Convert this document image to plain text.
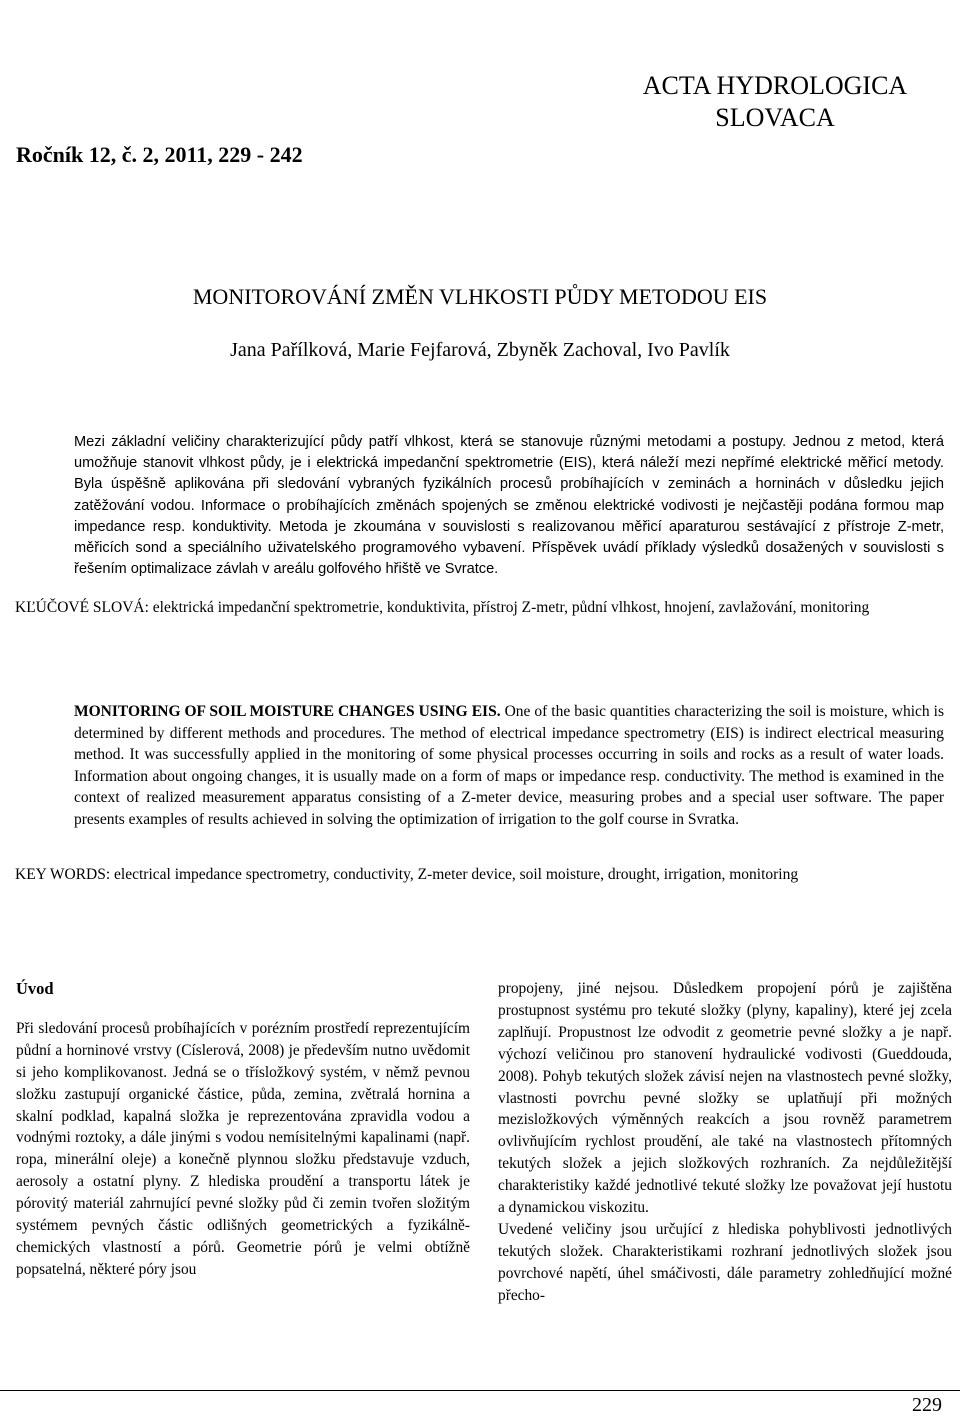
Ročník 12, č. 2, 2011, 229 - 242
ACTA HYDROLOGICA
SLOVACA
MONITOROVÁNÍ ZMĚN VLHKOSTI PŮDY METODOU EIS
Jana Pařílková, Marie Fejfarová, Zbyněk Zachoval, Ivo Pavlík
Mezi základní veličiny charakterizující půdy patří vlhkost, která se stanovuje různými metodami a postupy. Jednou z metod, která umožňuje stanovit vlhkost půdy, je i elektrická impedanční spektrometrie (EIS), která náleží mezi nepřímé elektrické měřicí metody. Byla úspěšně aplikována při sledování vybraných fyzikálních procesů probíhajících v zeminách a horninách v důsledku jejich zatěžování vodou. Informace o probíhajících změnách spojených se změnou elektrické vodivosti je nejčastěji podána formou map impedance resp. konduktivity. Metoda je zkoumána v souvislosti s realizovanou měřicí aparaturou sestávající z přístroje Z-metr, měřicích sond a speciálního uživatelského programového vybavení. Příspěvek uvádí příklady výsledků dosažených v souvislosti s řešením optimalizace závlah v areálu golfového hřiště ve Svratce.
KĽÚČOVÉ SLOVÁ: elektrická impedanční spektrometrie, konduktivita, přístroj Z-metr, půdní vlhkost, hnojení, zavlažování, monitoring
MONITORING OF SOIL MOISTURE CHANGES USING EIS. One of the basic quantities characterizing the soil is moisture, which is determined by different methods and procedures. The method of electrical impedance spectrometry (EIS) is indirect electrical measuring method. It was successfully applied in the monitoring of some physical processes occurring in soils and rocks as a result of water loads. Information about ongoing changes, it is usually made on a form of maps or impedance resp. conductivity. The method is examined in the context of realized measurement apparatus consisting of a Z-meter device, measuring probes and a special user software. The paper presents examples of results achieved in solving the optimization of irrigation to the golf course in Svratka.
KEY WORDS: electrical impedance spectrometry, conductivity, Z-meter device, soil moisture, drought, irrigation, monitoring
Úvod

Při sledování procesů probíhajících v porézním prostředí reprezentujícím půdní a horninové vrstvy (Císlerová, 2008) je především nutno uvědomit si jeho komplikovanost. Jedná se o třísložkový systém, v němž pevnou složku zastupují organické částice, půda, zemina, zvětralá hornina a skalní podklad, kapalná složka je reprezentována zpravidla vodou a vodnými roztoky, a dále jinými s vodou nemísitelnými kapalinami (např. ropa, minerální oleje) a konečně plynnou složku představuje vzduch, aerosoly a ostatní plyny. Z hlediska proudění a transportu látek je pórovitý materiál zahrnující pevné složky půd či zemin tvořen složitým systémem pevných částic odlišných geometrických a fyzikálně-chemických vlastností a pórů. Geometrie pórů je velmi obtížně popsatelná, některé póry jsou

propojeny, jiné nejsou. Důsledkem propojení pórů je zajištěna prostupnost systému pro tekuté složky (plyny, kapaliny), které jej zcela zaplňují. Propustnost lze odvodit z geometrie pevné složky a je např. výchozí veličinou pro stanovení hydraulické vodivosti (Gueddouda, 2008). Pohyb tekutých složek závisí nejen na vlastnostech pevné složky, vlastnosti povrchu pevné složky se uplatňují při možných mezisložkových výměnných reakcích a jsou rovněž parametrem ovlivňujícím rychlost proudění, ale také na vlastnostech přítomných tekutých složek a jejich složkových rozhraních. Za nejdůležitější charakteristiky každé jednotlivé tekuté složky lze považovat její hustotu a dynamickou viskozitu.

Uvedené veličiny jsou určující z hlediska pohyblivosti jednotlivých tekutých složek. Charakteristikami rozhraní jednotlivých složek jsou povrchové napětí, úhel smáčivosti, dále parametry zohledňující možné přecho-

229
